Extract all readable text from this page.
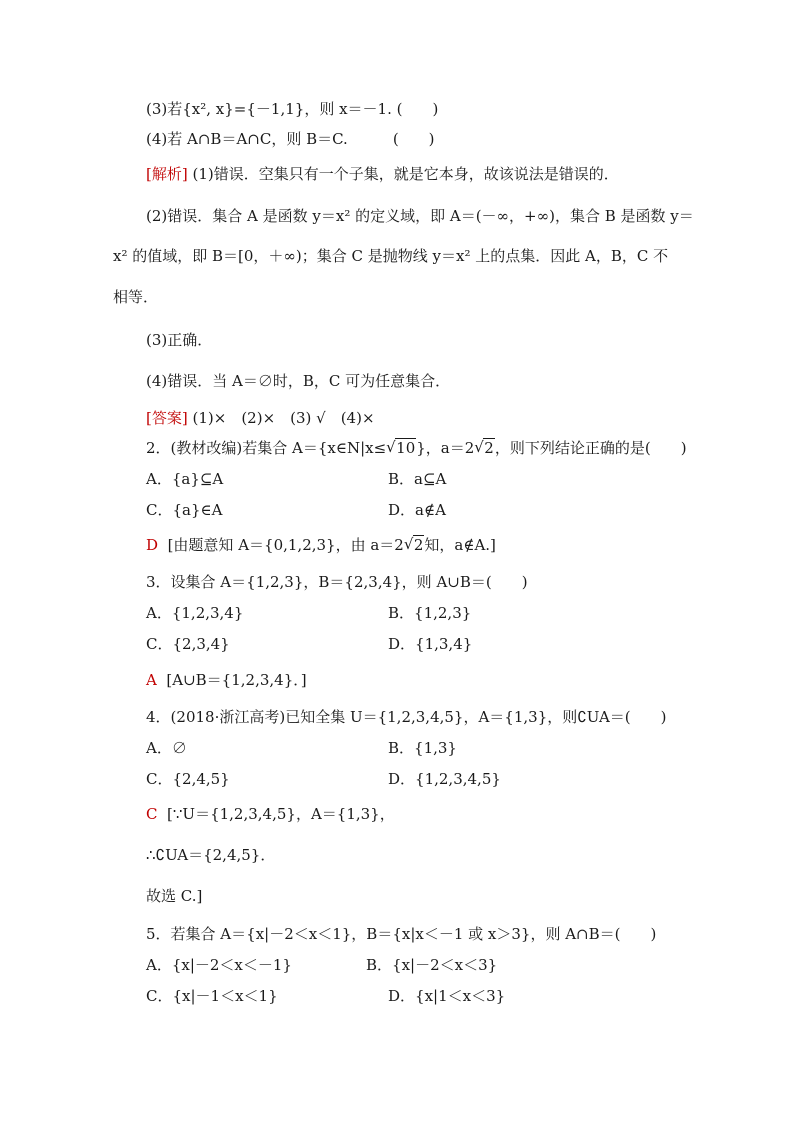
(3)若{x², x}={－1,1}，则 x＝－1. (　　)
(4)若 A∩B＝A∩C，则 B＝C.　　　(　　)
[解析] (1)错误．空集只有一个子集，就是它本身，故该说法是错误的．
(2)错误．集合 A 是函数 y＝x² 的定义域，即 A＝(－∞，+∞)，集合 B 是函数 y＝
x² 的值域，即 B＝[0，＋∞)；集合 C 是抛物线 y＝x² 上的点集．因此 A，B，C 不
相等．
(3)正确．
(4)错误．当 A＝∅时，B，C 可为任意集合．
[答案] (1)×　(2)×　(3) √　(4)×
2．(教材改编)若集合 A＝{x∈N|x≤ √ 10}，a＝2 √ 2，则下列结论正确的是(　　)
A．{a}⊆A	B．a⊆A
C．{a}∈A	D．a∉A
D [由题意知 A＝{0,1,2,3}，由 a＝2 √ 2知，a∉A.]
3．设集合 A＝{1,2,3}，B＝{2,3,4}，则 A∪B＝(　　)
A．{1,2,3,4}	B．{1,2,3}
C．{2,3,4}	D．{1,3,4}
A [A∪B＝{1,2,3,4}．]
4．(2018·浙江高考)已知全集 U＝{1,2,3,4,5}，A＝{1,3}，则∁UA＝(　　)
A．∅	B．{1,3}
C．{2,4,5}	D．{1,2,3,4,5}
C [∵U＝{1,2,3,4,5}，A＝{1,3}，
∴∁UA＝{2,4,5}．
故选 C.]
5．若集合 A＝{x|－2＜x＜1}，B＝{x|x＜－1 或 x＞3}，则 A∩B＝(　　)
A．{x|－2＜x＜－1}	B．{x|－2＜x＜3}
C．{x|－1＜x＜1}	D．{x|1＜x＜3}
